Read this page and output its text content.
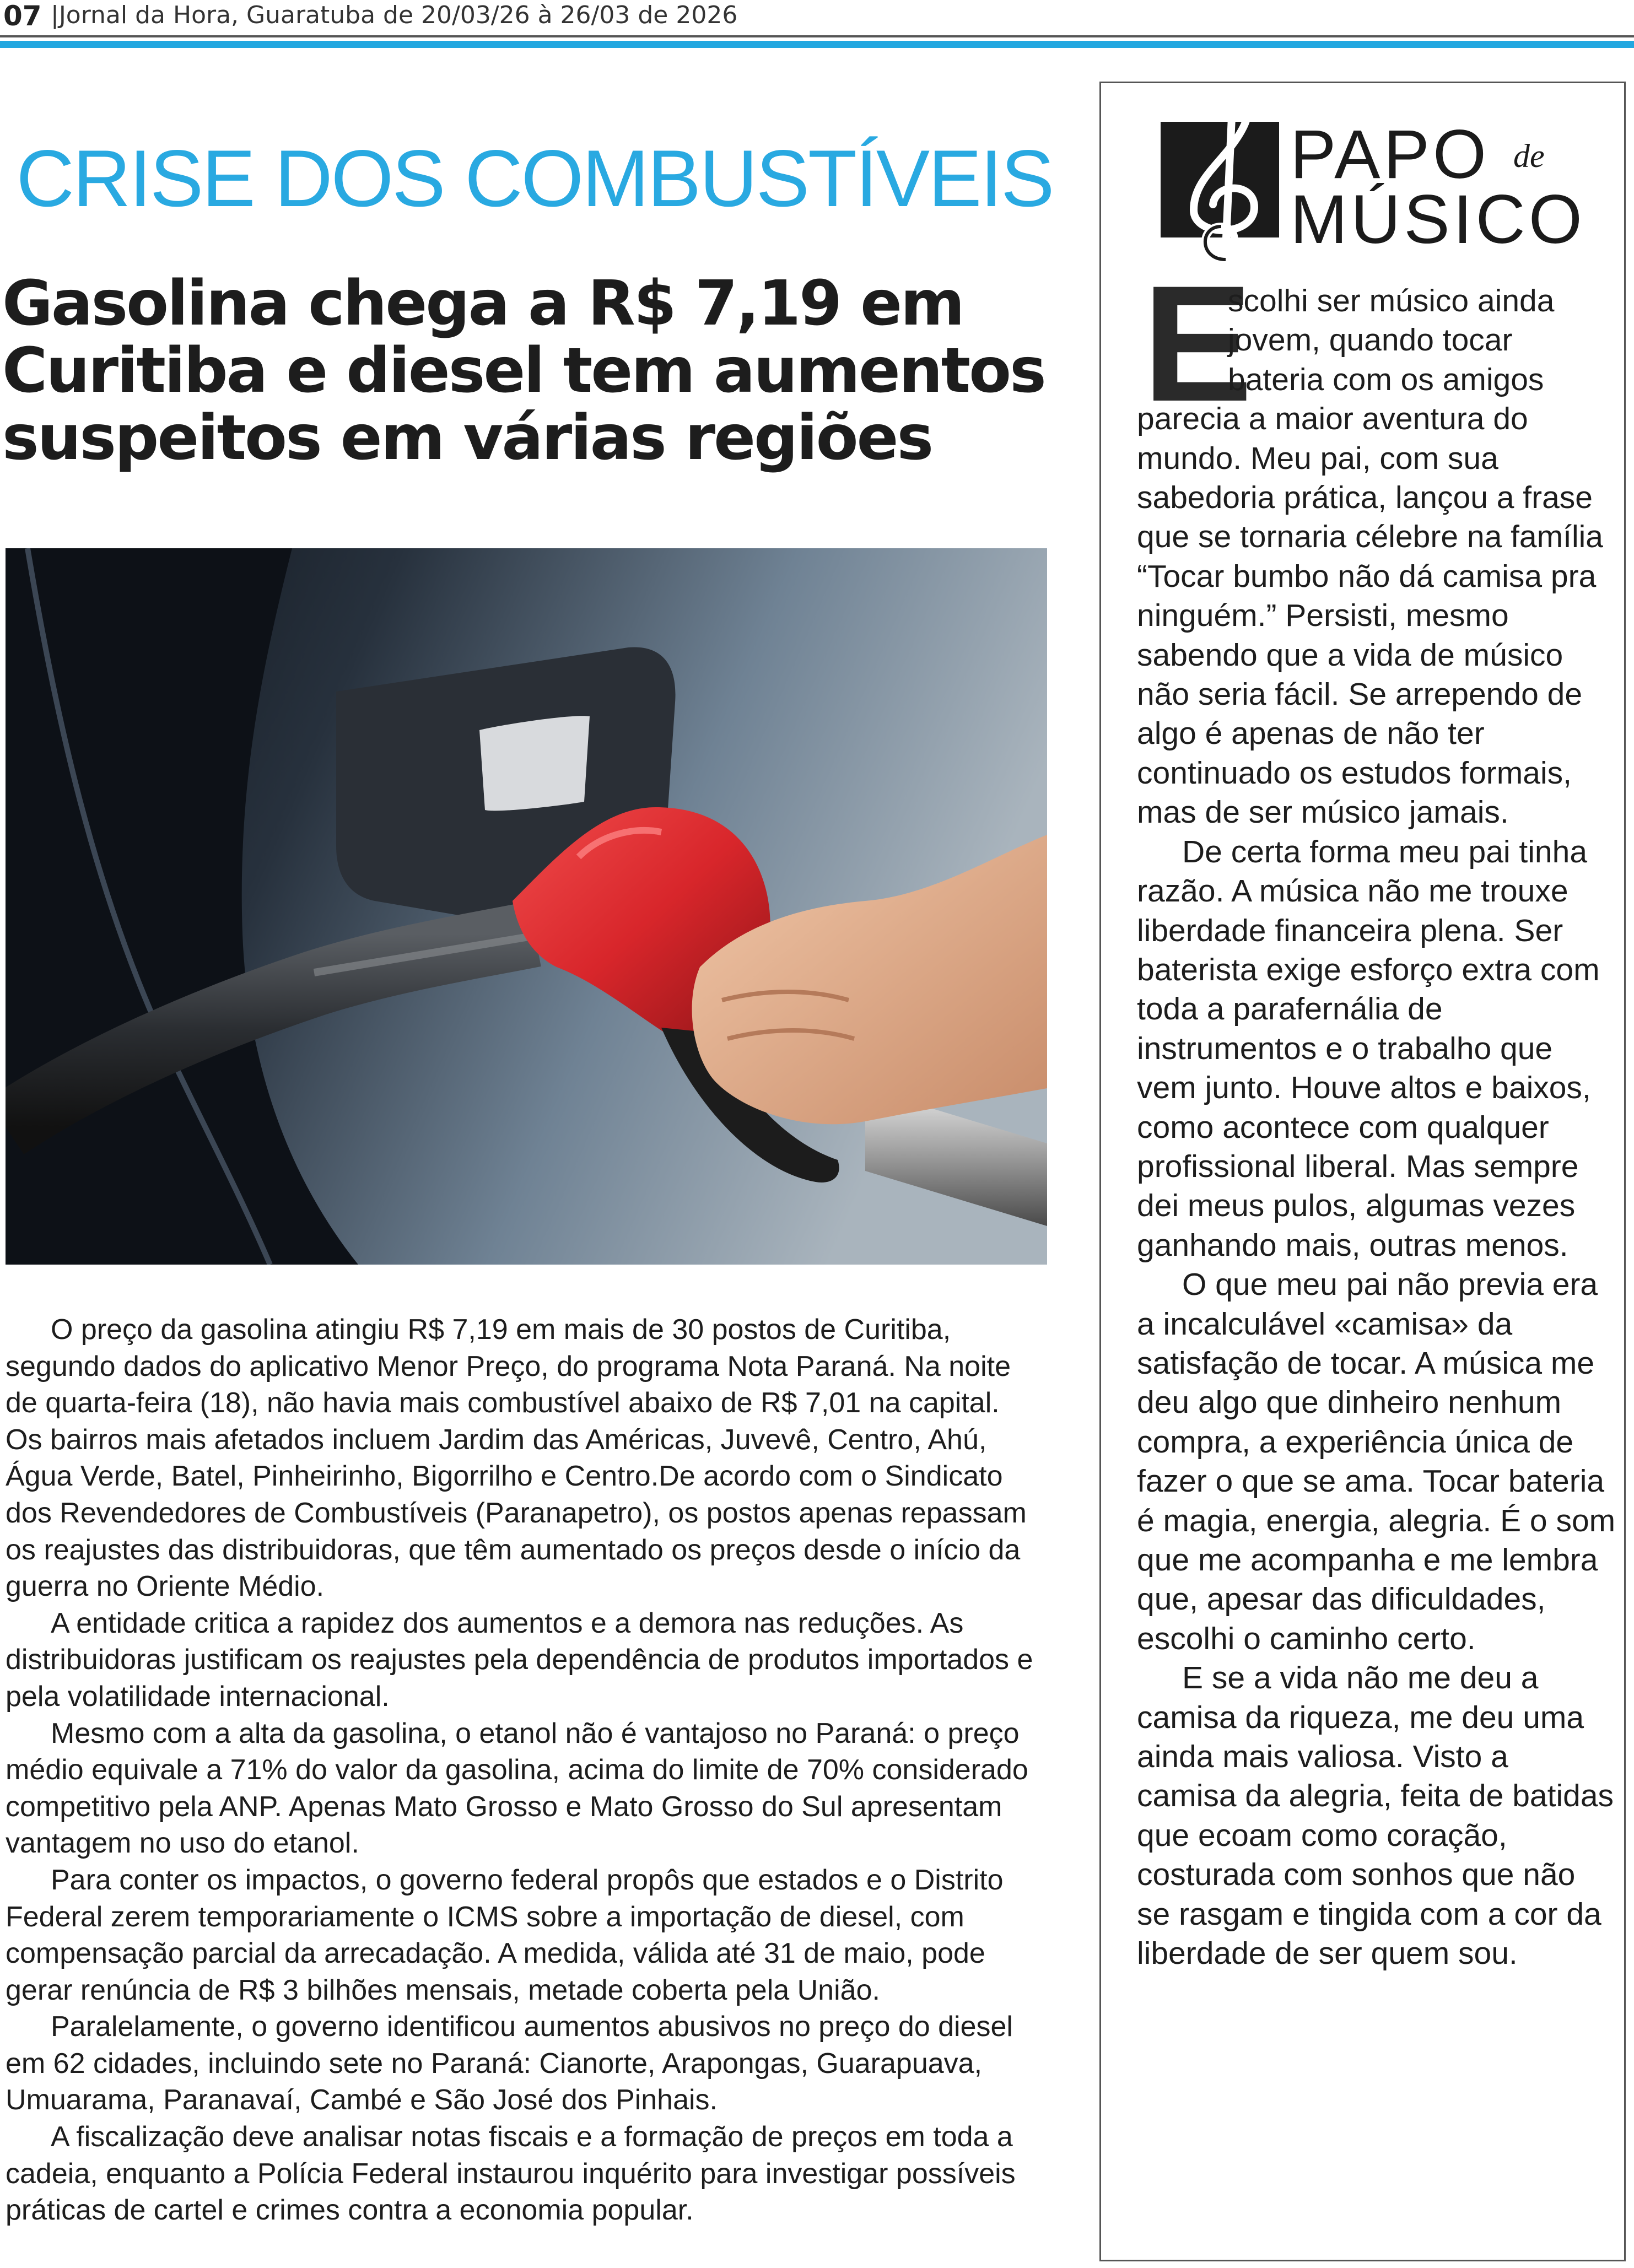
07 |Jornal da Hora, Guaratuba de 20/03/26 à 26/03 de 2026
CRISE DOS COMBUSTÍVEIS
Gasolina chega a R$ 7,19 em Curitiba e diesel tem aumentos suspeitos em várias regiões

O preço da gasolina atingiu R$ 7,19 em mais de 30 postos de Curitiba, segundo dados do aplicativo Menor Preço, do programa Nota Paraná. Na noite de quarta-feira (18), não havia mais combustível abaixo de R$ 7,01 na capital. Os bairros mais afetados incluem Jardim das Américas, Juvevê, Centro, Ahú, Água Verde, Batel, Pinheirinho, Bigorrilho e Centro.De acordo com o Sindicato dos Revendedores de Combustíveis (Paranapetro), os postos apenas repassam os reajustes das distribuidoras, que têm aumentado os preços desde o início da guerra no Oriente Médio.

A entidade critica a rapidez dos aumentos e a demora nas reduções. As distribuidoras justificam os reajustes pela dependência de produtos importados e pela volatilidade internacional.

Mesmo com a alta da gasolina, o etanol não é vantajoso no Paraná: o preço médio equivale a 71% do valor da gasolina, acima do limite de 70% considerado competitivo pela ANP. Apenas Mato Grosso e Mato Grosso do Sul apresentam vantagem no uso do etanol.

Para conter os impactos, o governo federal propôs que estados e o Distrito Federal zerem temporariamente o ICMS sobre a importação de diesel, com compensação parcial da arrecadação. A medida, válida até 31 de maio, pode gerar renúncia de R$ 3 bilhões mensais, metade coberta pela União.

Paralelamente, o governo identificou aumentos abusivos no preço do diesel em 62 cidades, incluindo sete no Paraná: Cianorte, Arapongas, Guarapuava, Umuarama, Paranavaí, Cambé e São José dos Pinhais.

A fiscalização deve analisar notas fiscais e a formação de preços em toda a cadeia, enquanto a Polícia Federal instaurou inquérito para investigar possíveis práticas de cartel e crimes contra a economia popular.

PAPO de
MÚSICO
E

scolhi ser músico ainda jovem, quando tocar bateria com os amigos parecia a maior aventura do mundo. Meu pai, com sua sabedoria prática, lançou a frase que se tornaria célebre na família “Tocar bumbo não dá camisa pra ninguém.” Persisti, mesmo sabendo que a vida de músico não seria fácil. Se arrependo de algo é apenas de não ter continuado os estudos formais, mas de ser músico jamais.

De certa forma meu pai tinha razão. A música não me trouxe liberdade financeira plena. Ser baterista exige esforço extra com toda a parafernália de instrumentos e o trabalho que vem junto. Houve altos e baixos, como acontece com qualquer profissional liberal. Mas sempre dei meus pulos, algumas vezes ganhando mais, outras menos.

O que meu pai não previa era a incalculável «camisa» da satisfação de tocar. A música me deu algo que dinheiro nenhum compra, a experiência única de fazer o que se ama. Tocar bateria é magia, energia, alegria. É o som que me acompanha e me lembra que, apesar das dificuldades, escolhi o caminho certo.

E se a vida não me deu a camisa da riqueza, me deu uma ainda mais valiosa. Visto a camisa da alegria, feita de batidas que ecoam como coração, costurada com sonhos que não se rasgam e tingida com a cor da liberdade de ser quem sou.
